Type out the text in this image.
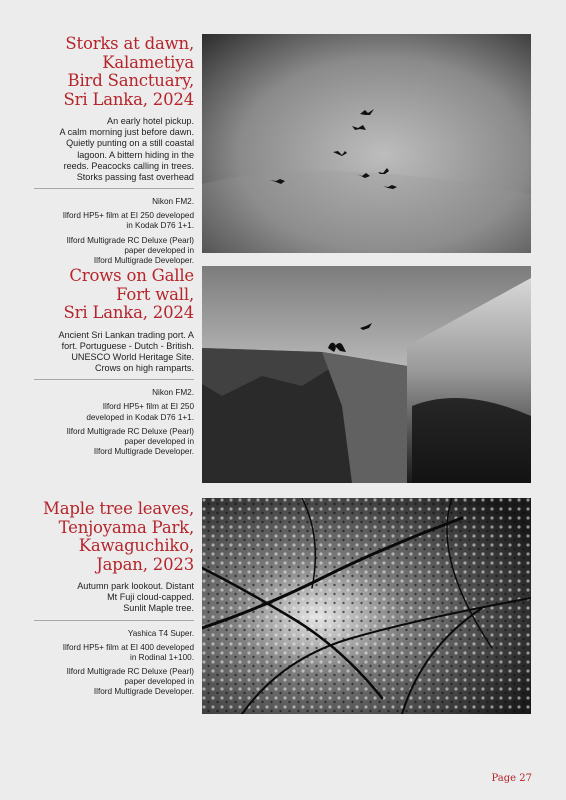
Storks at dawn,
Kalametiya
Bird Sanctuary,
Sri Lanka, 2024
An early hotel pickup.
A calm morning just before dawn.
Quietly punting on a still coastal
lagoon. A bittern hiding in the
reeds. Peacocks calling in trees.
Storks passing fast overhead
Nikon FM2.
Ilford HP5+ film at EI 250 developed
in Kodak D76 1+1.
Ilford Multigrade RC Deluxe (Pearl)
paper developed in
Ilford Multigrade Developer.
Crows on Galle
Fort wall,
Sri Lanka, 2024
Ancient Sri Lankan trading port. A
fort. Portuguese - Dutch - British.
UNESCO World Heritage Site.
Crows on high ramparts.
Nikon FM2.
Ilford HP5+ film at EI 250
developed in Kodak D76 1+1.
Ilford Multigrade RC Deluxe (Pearl)
paper developed in
Ilford Multigrade Developer.
Maple tree leaves,
Tenjoyama Park,
Kawaguchiko,
Japan, 2023
Autumn park lookout. Distant
Mt Fuji cloud-capped.
Sunlit Maple tree.
Yashica T4 Super.
Ilford HP5+ film at EI 400 developed
in Rodinal 1+100.
Ilford Multigrade RC Deluxe (Pearl)
paper developed in
Ilford Multigrade Developer.
Page 27
